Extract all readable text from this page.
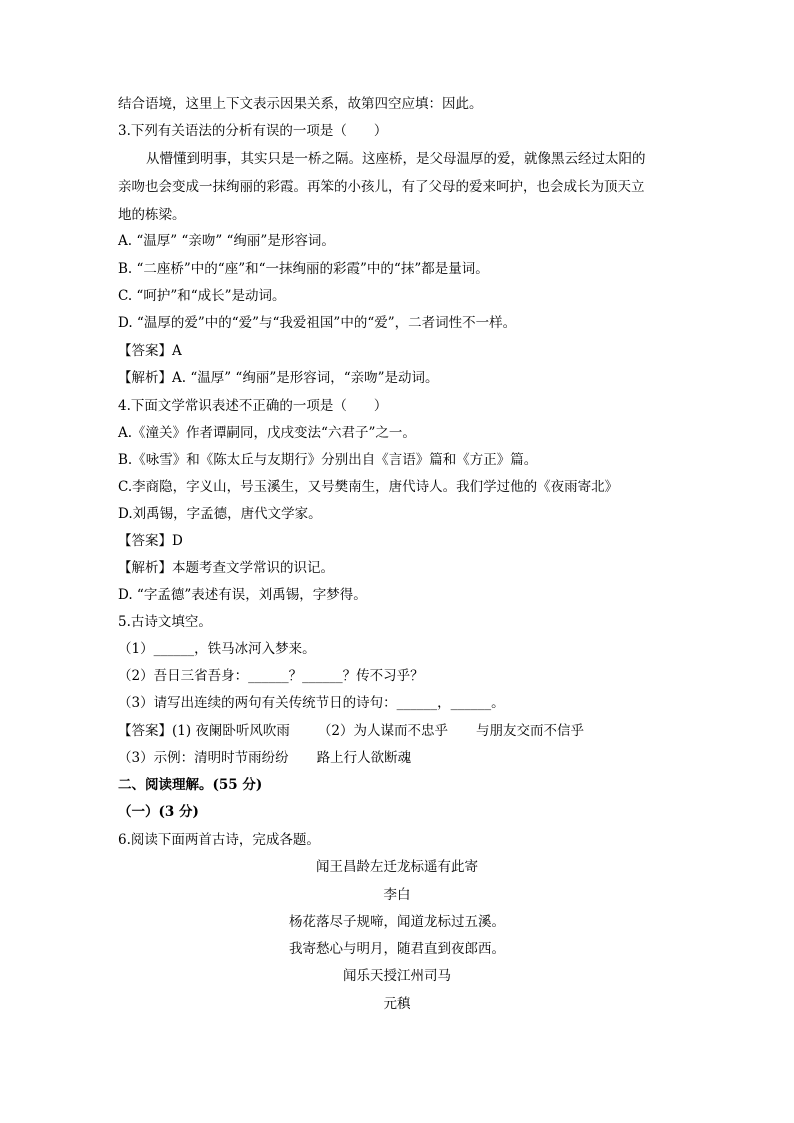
结合语境，这里上下文表示因果关系，故第四空应填：因此。
3.下列有关语法的分析有误的一项是（　　）
从懵懂到明事，其实只是一桥之隔。这座桥，是父母温厚的爱，就像黑云经过太阳的
亲吻也会变成一抹绚丽的彩霞。再笨的小孩儿，有了父母的爱来呵护，也会成长为顶天立
地的栋梁。
A. “温厚” “亲吻” “绚丽”是形容词。
B. “二座桥”中的“座”和“一抹绚丽的彩霞”中的“抹”都是量词。
C. “呵护”和“成长”是动词。
D. “温厚的爱”中的“爱”与“我爱祖国”中的“爱”，二者词性不一样。
【答案】A
【解析】A. “温厚” “绚丽”是形容词，“亲吻”是动词。
4.下面文学常识表述不正确的一项是（　　）
A.《潼关》作者谭嗣同，戊戌变法“六君子”之一。
B.《咏雪》和《陈太丘与友期行》分别出自《言语》篇和《方正》篇。
C.李商隐，字义山，号玉溪生，又号樊南生，唐代诗人。我们学过他的《夜雨寄北》
D.刘禹锡，字孟德，唐代文学家。
【答案】D
【解析】本题考查文学常识的识记。
D. “字孟德”表述有误，刘禹锡，字梦得。
5.古诗文填空。
（1）______，铁马冰河入梦来。
（2）吾日三省吾身：______？______？传不习乎？
（3）请写出连续的两句有关传统节日的诗句：______，______。
【答案】(1) 夜阑卧听风吹雨 （2）为人谋而不忠乎 与朋友交而不信乎
（3）示例：清明时节雨纷纷 路上行人欲断魂
二、阅读理解。(55 分)
（一）(3 分)
6.阅读下面两首古诗，完成各题。
闻王昌龄左迁龙标遥有此寄
李白
杨花落尽子规啼，闻道龙标过五溪。
我寄愁心与明月，随君直到夜郎西。
闻乐天授江州司马
元稹
